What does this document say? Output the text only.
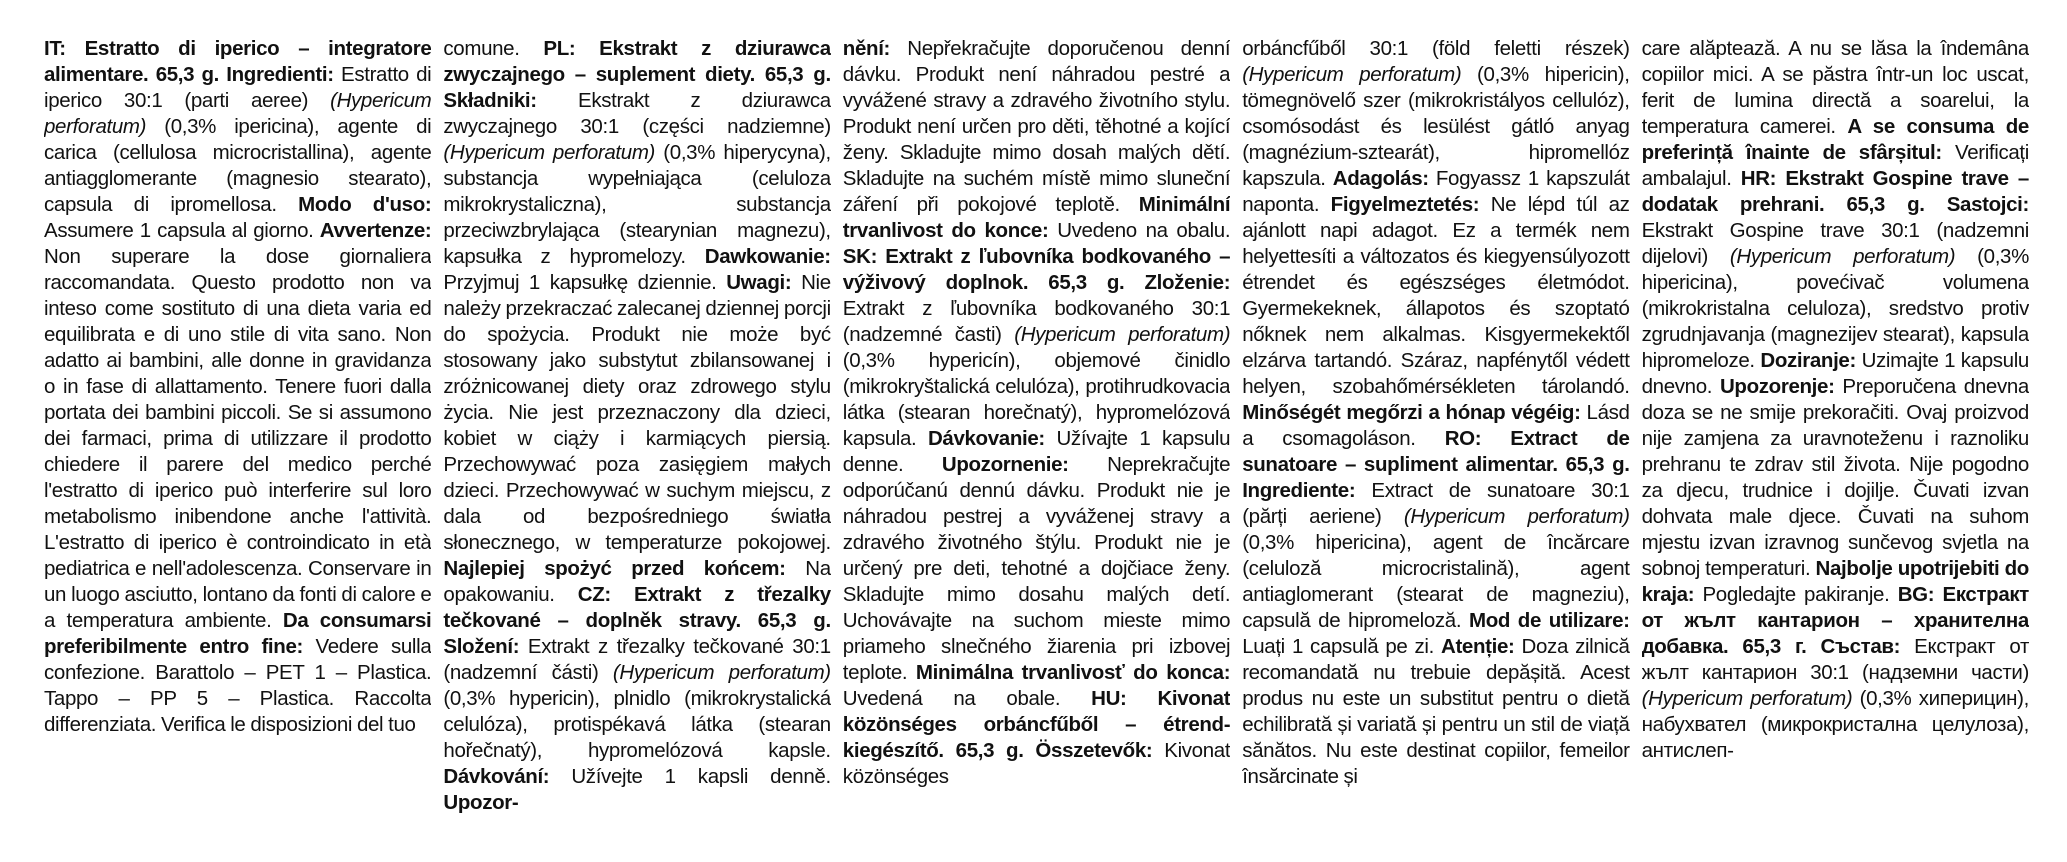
IT: Estratto di iperico – integratore alimentare. 65,3 g. Ingredienti: Estratto di iperico 30:1 (parti aeree) (Hypericum perforatum) (0,3% ipericina), agente di carica (cellulosa microcristallina), agente antiagglomerante (magnesio stearato), capsula di ipromellosa. Modo d'uso: Assumere 1 capsula al giorno. Avvertenze: Non superare la dose giornaliera raccomandata. Questo prodotto non va inteso come sostituto di una dieta varia ed equilibrata e di uno stile di vita sano. Non adatto ai bambini, alle donne in gravidanza o in fase di allattamento. Tenere fuori dalla portata dei bambini piccoli. Se si assumono dei farmaci, prima di utilizzare il prodotto chiedere il parere del medico perché l'estratto di iperico può interferire sul loro metabolismo inibendone anche l'attività. L'estratto di iperico è controindicato in età pediatrica e nell'adolescenza. Conservare in un luogo asciutto, lontano da fonti di calore e a temperatura ambiente. Da consumarsi preferibilmente entro fine: Vedere sulla confezione. Barattolo – PET 1 – Plastica. Tappo – PP 5 – Plastica. Raccolta differenziata. Verifica le disposizioni del tuo
comune. PL: Ekstrakt z dziurawca zwyczajnego – suplement diety. 65,3 g. Składniki: Ekstrakt z dziurawca zwyczajnego 30:1 (części nadziemne) (Hypericum perforatum) (0,3% hiperycyna), substancja wypełniająca (celuloza mikrokrystaliczna), substancja przeciwzbrylająca (stearynian magnezu), kapsułka z hypromelozy. Dawkowanie: Przyjmuj 1 kapsułkę dziennie. Uwagi: Nie należy przekraczać zalecanej dziennej porcji do spożycia. Produkt nie może być stosowany jako substytut zbilansowanej i zróżnicowanej diety oraz zdrowego stylu życia. Nie jest przeznaczony dla dzieci, kobiet w ciąży i karmiących piersią. Przechowywać poza zasięgiem małych dzieci. Przechowywać w suchym miejscu, z dala od bezpośredniego światła słonecznego, w temperaturze pokojowej. Najlepiej spożyć przed końcem: Na opakowaniu. CZ: Extrakt z třezalky tečkované – doplněk stravy. 65,3 g. Složení: Extrakt z třezalky tečkované 30:1 (nadzemní části) (Hypericum perforatum) (0,3% hypericin), plnidlo (mikrokrystalická celulóza), protispékavá látka (stearan hořečnatý), hypromelózová kapsle. Dávkování: Užívejte 1 kapsli denně. Upozor-
nění: Nepřekračujte doporučenou denní dávku. Produkt není náhradou pestré a vyvážené stravy a zdravého životního stylu. Produkt není určen pro děti, těhotné a kojící ženy. Skladujte mimo dosah malých dětí. Skladujte na suchém místě mimo sluneční záření při pokojové teplotě. Minimální trvanlivost do konce: Uvedeno na obalu. SK: Extrakt z ľubovníka bodkovaného – výživový doplnok. 65,3 g. Zloženie: Extrakt z ľubovníka bodkovaného 30:1 (nadzemné časti) (Hypericum perforatum) (0,3% hypericín), objemové činidlo (mikrokryštalická celulóza), protihrudkovacia látka (stearan horečnatý), hypromelózová kapsula. Dávkovanie: Užívajte 1 kapsulu denne. Upozornenie: Neprekračujte odporúčanú dennú dávku. Produkt nie je náhradou pestrej a vyváženej stravy a zdravého životného štýlu. Produkt nie je určený pre deti, tehotné a dojčiace ženy. Skladujte mimo dosahu malých detí. Uchovávajte na suchom mieste mimo priameho slnečného žiarenia pri izbovej teplote. Minimálna trvanlivosť do konca: Uvedená na obale. HU: Kivonat közönséges orbáncfűből – étrend-kiegészítő. 65,3 g. Összetevők: Kivonat közönséges
orbáncfűből 30:1 (föld feletti részek) (Hypericum perforatum) (0,3% hipericin), tömegnövelő szer (mikrokristályos cellulóz), csomósodást és lesülést gátló anyag (magnézium-sztearát), hipromellóz kapszula. Adagolás: Fogyassz 1 kapszulát naponta. Figyelmeztetés: Ne lépd túl az ajánlott napi adagot. Ez a termék nem helyettesíti a változatos és kiegyensúlyozott étrendet és egészséges életmódot. Gyermekeknek, állapotos és szoptató nőknek nem alkalmas. Kisgyermekektől elzárva tartandó. Száraz, napfénytől védett helyen, szobahőmérsékleten tárolandó. Minőségét megőrzi a hónap végéig: Lásd a csomagoláson. RO: Extract de sunatoare – supliment alimentar. 65,3 g. Ingrediente: Extract de sunatoare 30:1 (părți aeriene) (Hypericum perforatum) (0,3% hipericina), agent de încărcare (celuloză microcristalină), agent antiaglomerant (stearat de magneziu), capsulă de hipromeloză. Mod de utilizare: Luați 1 capsulă pe zi. Atenție: Doza zilnică recomandată nu trebuie depășită. Acest produs nu este un substitut pentru o dietă echilibrată și variată și pentru un stil de viață sănătos. Nu este destinat copiilor, femeilor însărcinate și
care alăptează. A nu se lăsa la îndemâna copiilor mici. A se păstra într-un loc uscat, ferit de lumina directă a soarelui, la temperatura camerei. A se consuma de preferință înainte de sfârșitul: Verificați ambalajul. HR: Ekstrakt Gospine trave – dodatak prehrani. 65,3 g. Sastojci: Ekstrakt Gospine trave 30:1 (nadzemni dijelovi) (Hypericum perforatum) (0,3% hipericina), povećivač volumena (mikrokristalna celuloza), sredstvo protiv zgrudnjavanja (magnezijev stearat), kapsula hipromeloze. Doziranje: Uzimajte 1 kapsulu dnevno. Upozorenje: Preporučena dnevna doza se ne smije prekoračiti. Ovaj proizvod nije zamjena za uravnoteženu i raznoliku prehranu te zdrav stil života. Nije pogodno za djecu, trudnice i dojilje. Čuvati izvan dohvata male djece. Čuvati na suhom mjestu izvan izravnog sunčevog svjetla na sobnoj temperaturi. Najbolje upotrijebiti do kraja: Pogledajte pakiranje. BG: Екстракт от жълт кантарион – хранителна добавка. 65,3 г. Състав: Екстракт от жълт кантарион 30:1 (надземни части) (Hypericum perforatum) (0,3% хиперицин), набухвател (микрокристална целулоза), антислеп-
